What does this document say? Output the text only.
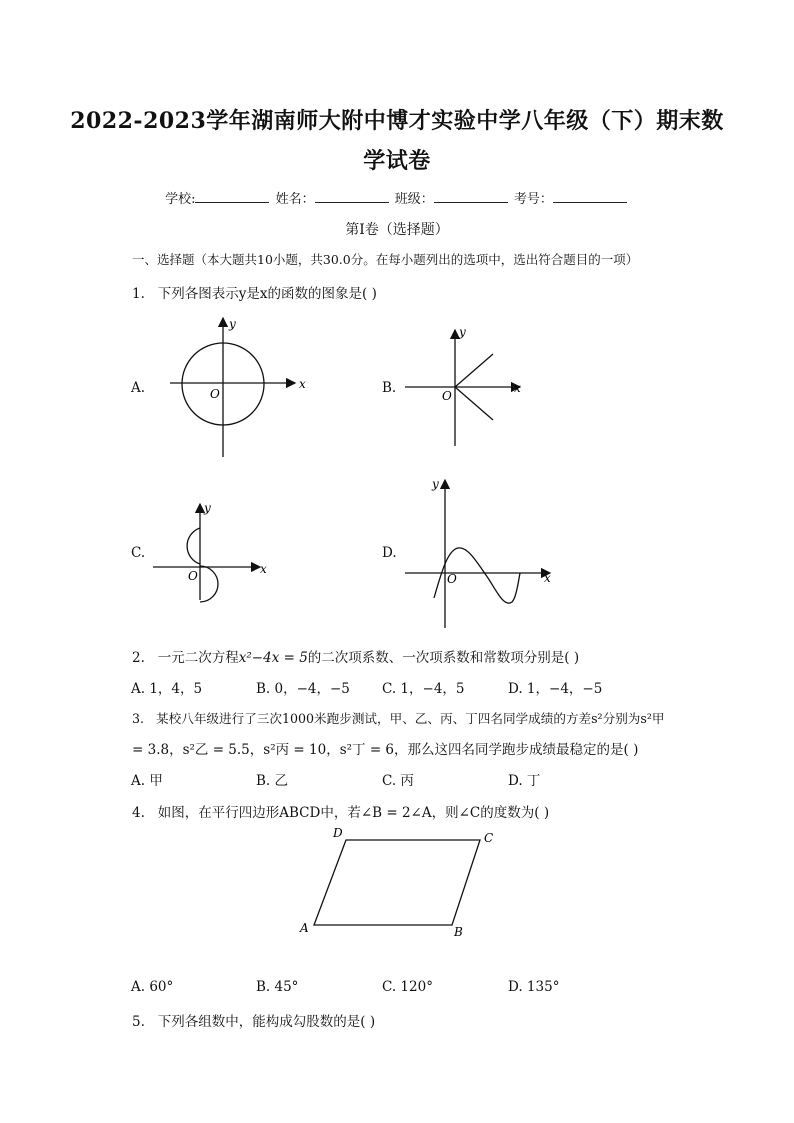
2022-2023学年湖南师大附中博才实验中学八年级（下）期末数
学试卷
学校:	姓名：	班级：	考号：
第I卷（选择题）
一、选择题（本大题共10小题，共30.0分。在每小题列出的选项中，选出符合题目的一项）
1. 下列各图表示y是x的函数的图象是( )
A.
y
x
O	B.
y
x
O
C.
y
x
O
D.
y
x
O
2. 一元二次方程x²−4x = 5的二次项系数、一次项系数和常数项分别是( )
A. 1，4，5	B. 0，−4，−5 C. 1，−4，5	D. 1，−4，−5
3. 某校八年级进行了三次1000米跑步测试，甲、乙、丙、丁四名同学成绩的方差s²分别为s²甲
= 3.8，s²乙 = 5.5，s²丙 = 10，s²丁 = 6，那么这四名同学跑步成绩最稳定的是( )
A. 甲	B. 乙	C. 丙	D. 丁
4. 如图，在平行四边形ABCD中，若∠B = 2∠A，则∠C的度数为( )
D	C
A	B
A. 60°	B. 45°	C. 120°	D. 135°
5. 下列各组数中，能构成勾股数的是( )
